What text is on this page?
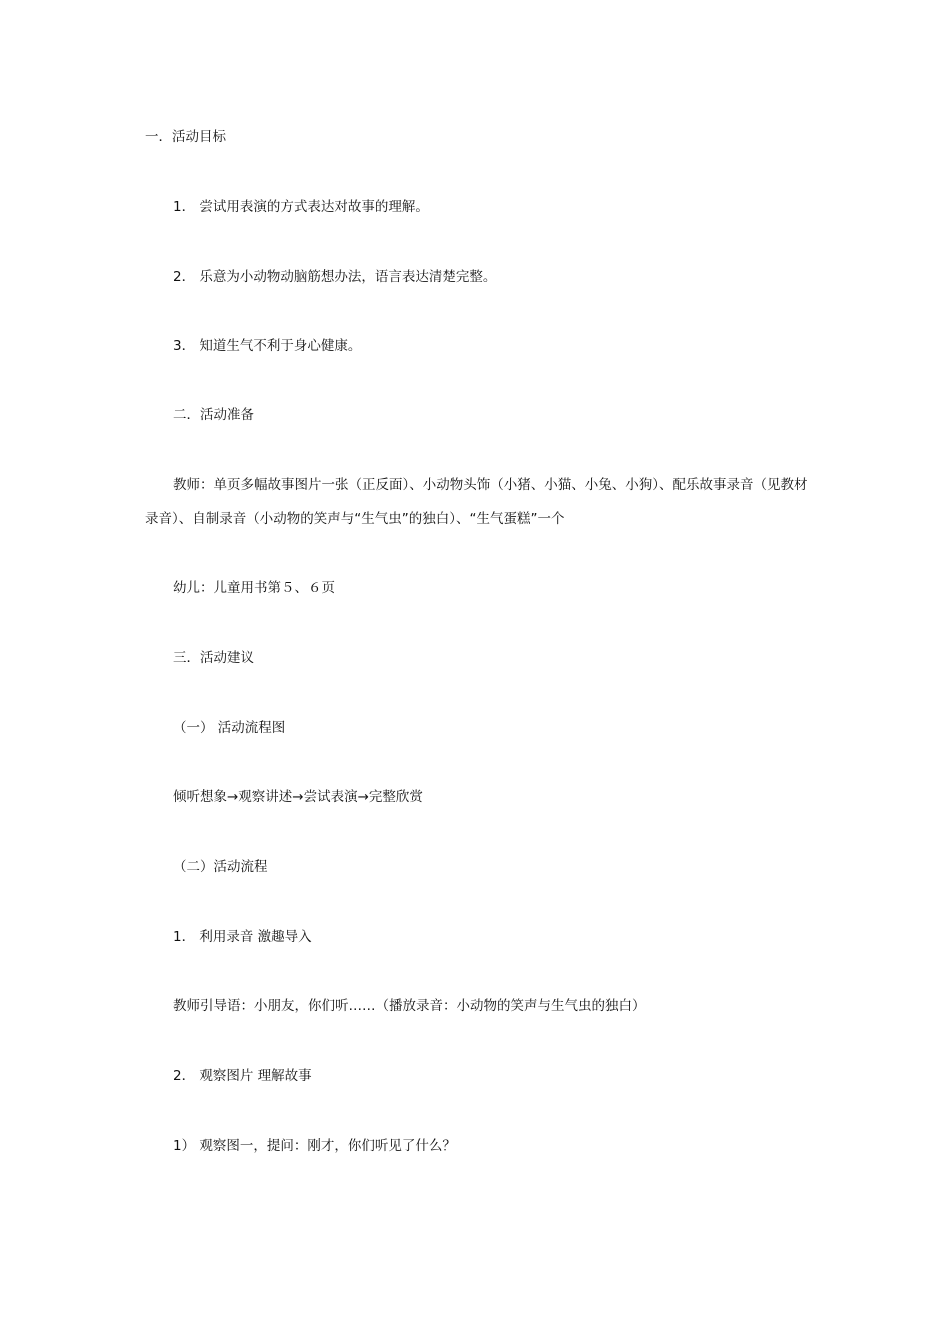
一．活动目标
1． 尝试用表演的方式表达对故事的理解。
2． 乐意为小动物动脑筋想办法，语言表达清楚完整。
3． 知道生气不利于身心健康。
二．活动准备
教师：单页多幅故事图片一张（正反面）、小动物头饰（小猪、小猫、小兔、小狗）、配乐故事录音（见教材录音）、自制录音（小动物的笑声与“生气虫”的独白）、“生气蛋糕”一个
幼儿：儿童用书第５、６页
三．活动建议
（一） 活动流程图
倾听想象→观察讲述→尝试表演→完整欣赏
（二）活动流程
1． 利用录音 激趣导入
教师引导语：小朋友，你们听……（播放录音：小动物的笑声与生气虫的独白）
2． 观察图片 理解故事
1） 观察图一，提问：刚才，你们听见了什么？
